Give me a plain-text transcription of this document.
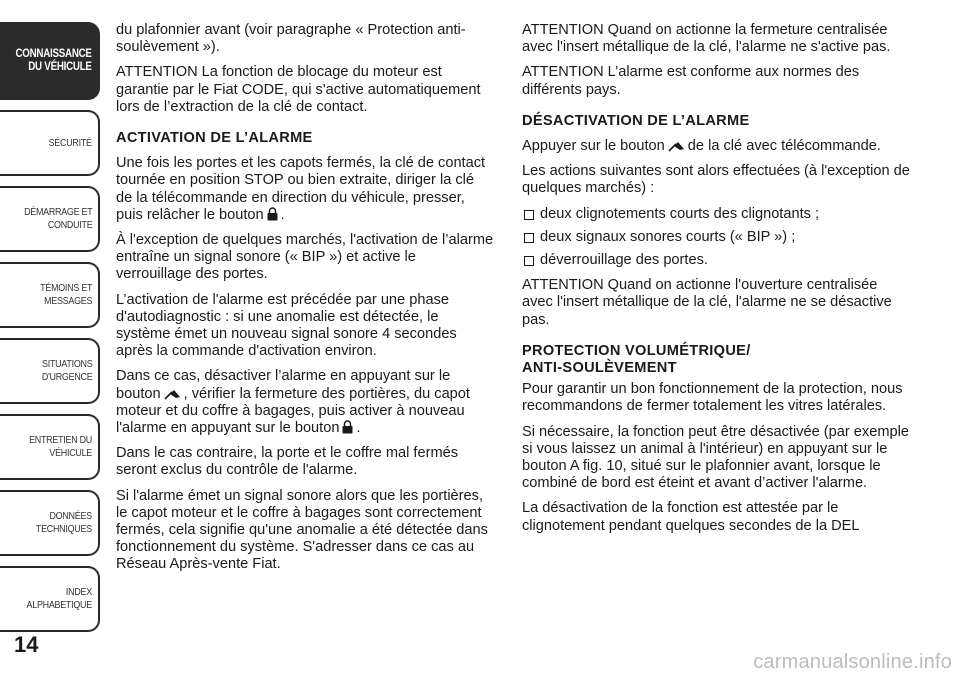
CONNAISSANCE
DU VÉHICULE
SÉCURITÉ
DÉMARRAGE ET
CONDUITE
TÉMOINS ET
MESSAGES
SITUATIONS
D'URGENCE
ENTRETIEN DU
VÉHICULE
DONNÉES
TECHNIQUES
INDEX
ALPHABETIQUE
14

du plafonnier avant (voir paragraphe « Protection anti-soulèvement »).

ATTENTION La fonction de blocage du moteur est garantie par le Fiat CODE, qui s'active automatiquement lors de l’extraction de la clé de contact.

ACTIVATION DE L’ALARME

Une fois les portes et les capots fermés, la clé de contact tournée en position STOP ou bien extraite, diriger la clé de la télécommande en direction du véhicule, presser, puis relâcher le bouton .

À l'exception de quelques marchés, l'activation de l’alarme entraîne un signal sonore (« BIP ») et active le verrouillage des portes.

L’activation de l'alarme est précédée par une phase d'autodiagnostic : si une anomalie est détectée, le système émet un nouveau signal sonore 4 secondes après la commande d'activation environ.

Dans ce cas, désactiver l’alarme en appuyant sur le bouton , vérifier la fermeture des portières, du capot moteur et du coffre à bagages, puis activer à nouveau l'alarme en appuyant sur le bouton .

Dans le cas contraire, la porte et le coffre mal fermés seront exclus du contrôle de l'alarme.

Si l'alarme émet un signal sonore alors que les portières, le capot moteur et le coffre à bagages sont correctement fermés, cela signifie qu'une anomalie a été détectée dans fonctionnement du système. S'adresser dans ce cas au Réseau Après-vente Fiat.

ATTENTION Quand on actionne la fermeture centralisée avec l'insert métallique de la clé, l'alarme ne s'active pas.

ATTENTION L’alarme est conforme aux normes des différents pays.

DÉSACTIVATION DE L’ALARME

Appuyer sur le bouton de la clé avec télécommande.

Les actions suivantes sont alors effectuées (à l'exception de quelques marchés) :

deux clignotements courts des clignotants ;
deux signaux sonores courts (« BIP ») ;
déverrouillage des portes.

ATTENTION Quand on actionne l'ouverture centralisée avec l'insert métallique de la clé, l'alarme ne se désactive pas.

PROTECTION VOLUMÉTRIQUE/
ANTI-SOULÈVEMENT

Pour garantir un bon fonctionnement de la protection, nous recommandons de fermer totalement les vitres latérales.

Si nécessaire, la fonction peut être désactivée (par exemple si vous laissez un animal à l'intérieur) en appuyant sur le bouton A fig. 10, situé sur le plafonnier avant, lorsque le combiné de bord est éteint et avant d’activer l'alarme.

La désactivation de la fonction est attestée par le clignotement pendant quelques secondes de la DEL

carmanualsonline.info
